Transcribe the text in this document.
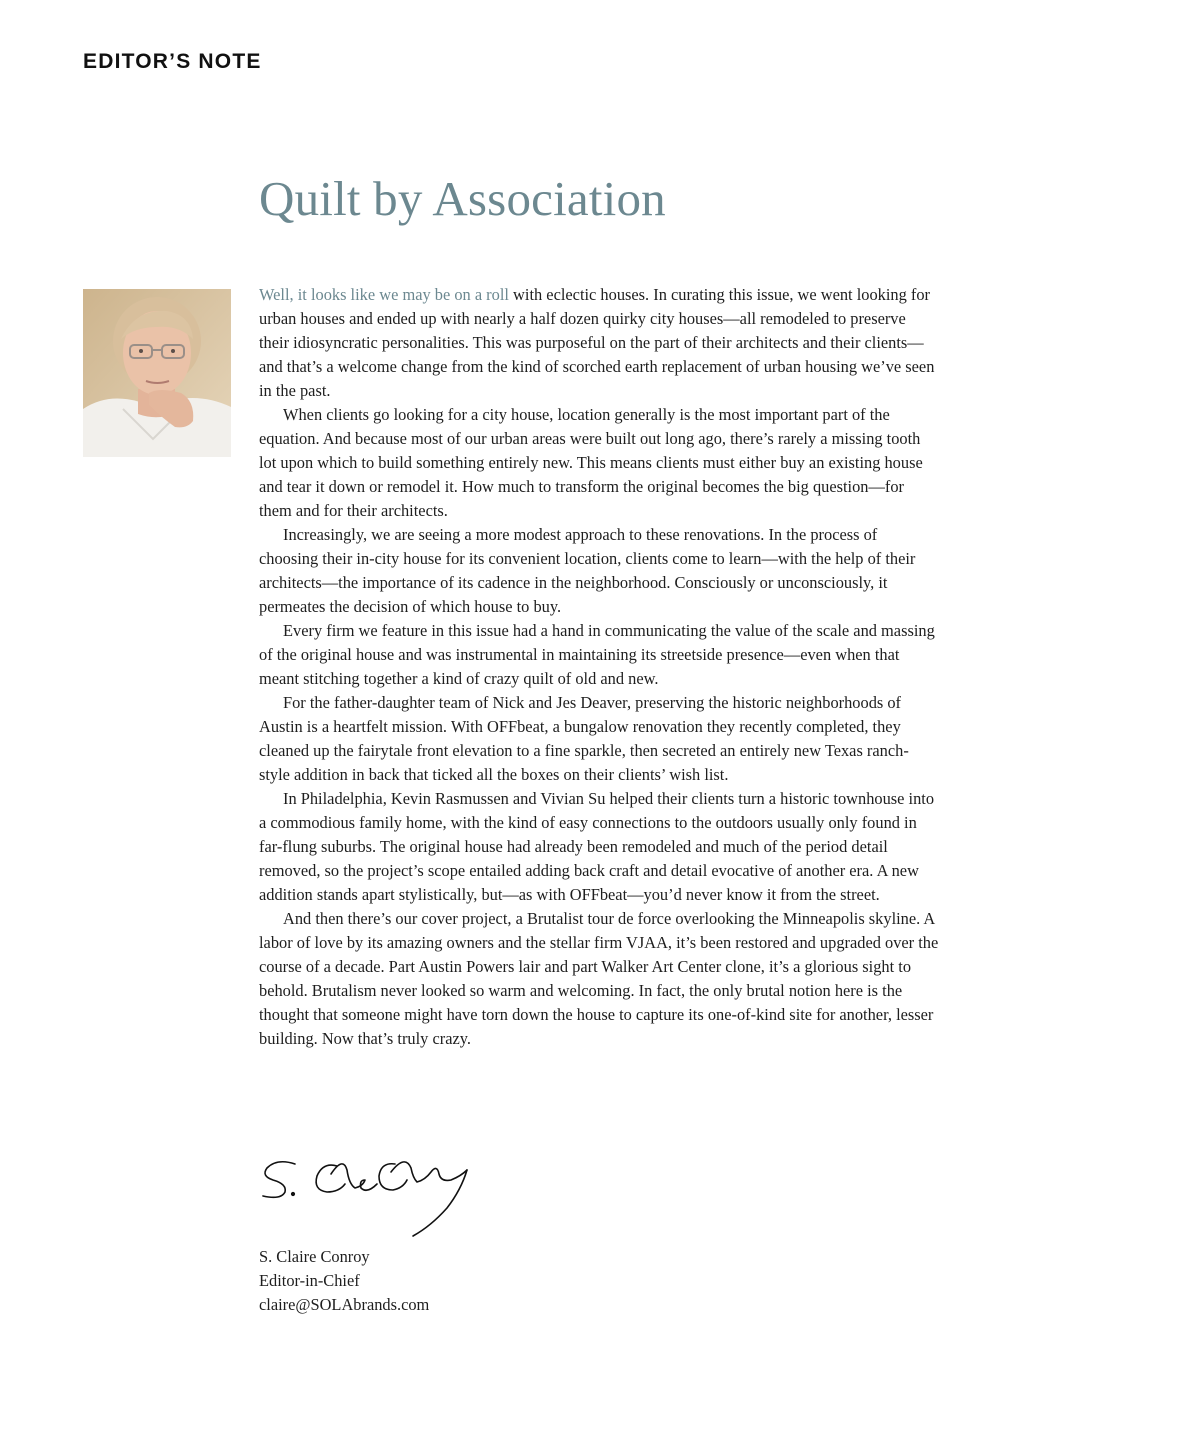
EDITOR’S NOTE
Quilt by Association

Well, it looks like we may be on a roll with eclectic houses. In curating this issue, we went looking for urban houses and ended up with nearly a half dozen quirky city houses—all remodeled to preserve their idiosyncratic personalities. This was purposeful on the part of their architects and their clients—and that’s a welcome change from the kind of scorched earth replacement of urban housing we’ve seen in the past.

When clients go looking for a city house, location generally is the most important part of the equation. And because most of our urban areas were built out long ago, there’s rarely a missing tooth lot upon which to build something entirely new. This means clients must either buy an existing house and tear it down or remodel it. How much to transform the original becomes the big question—for them and for their architects.

Increasingly, we are seeing a more modest approach to these renovations. In the process of choosing their in-city house for its convenient location, clients come to learn—with the help of their architects—the importance of its cadence in the neighborhood. Consciously or unconsciously, it permeates the decision of which house to buy.

Every firm we feature in this issue had a hand in communicating the value of the scale and massing of the original house and was instrumental in maintaining its streetside presence—even when that meant stitching together a kind of crazy quilt of old and new.

For the father-daughter team of Nick and Jes Deaver, preserving the historic neighborhoods of Austin is a heartfelt mission. With OFFbeat, a bungalow renovation they recently completed, they cleaned up the fairytale front elevation to a fine sparkle, then secreted an entirely new Texas ranch-style addition in back that ticked all the boxes on their clients’ wish list.

In Philadelphia, Kevin Rasmussen and Vivian Su helped their clients turn a historic townhouse into a commodious family home, with the kind of easy connections to the outdoors usually only found in far-flung suburbs. The original house had already been remodeled and much of the period detail removed, so the project’s scope entailed adding back craft and detail evocative of another era. A new addition stands apart stylistically, but—as with OFFbeat—you’d never know it from the street.

And then there’s our cover project, a Brutalist tour de force overlooking the Minneapolis skyline. A labor of love by its amazing owners and the stellar firm VJAA, it’s been restored and upgraded over the course of a decade. Part Austin Powers lair and part Walker Art Center clone, it’s a glorious sight to behold. Brutalism never looked so warm and welcoming. In fact, the only brutal notion here is the thought that someone might have torn down the house to capture its one-of-kind site for another, lesser building. Now that’s truly crazy.

S. Claire Conroy
Editor-in-Chief
claire@SOLAbrands.com
